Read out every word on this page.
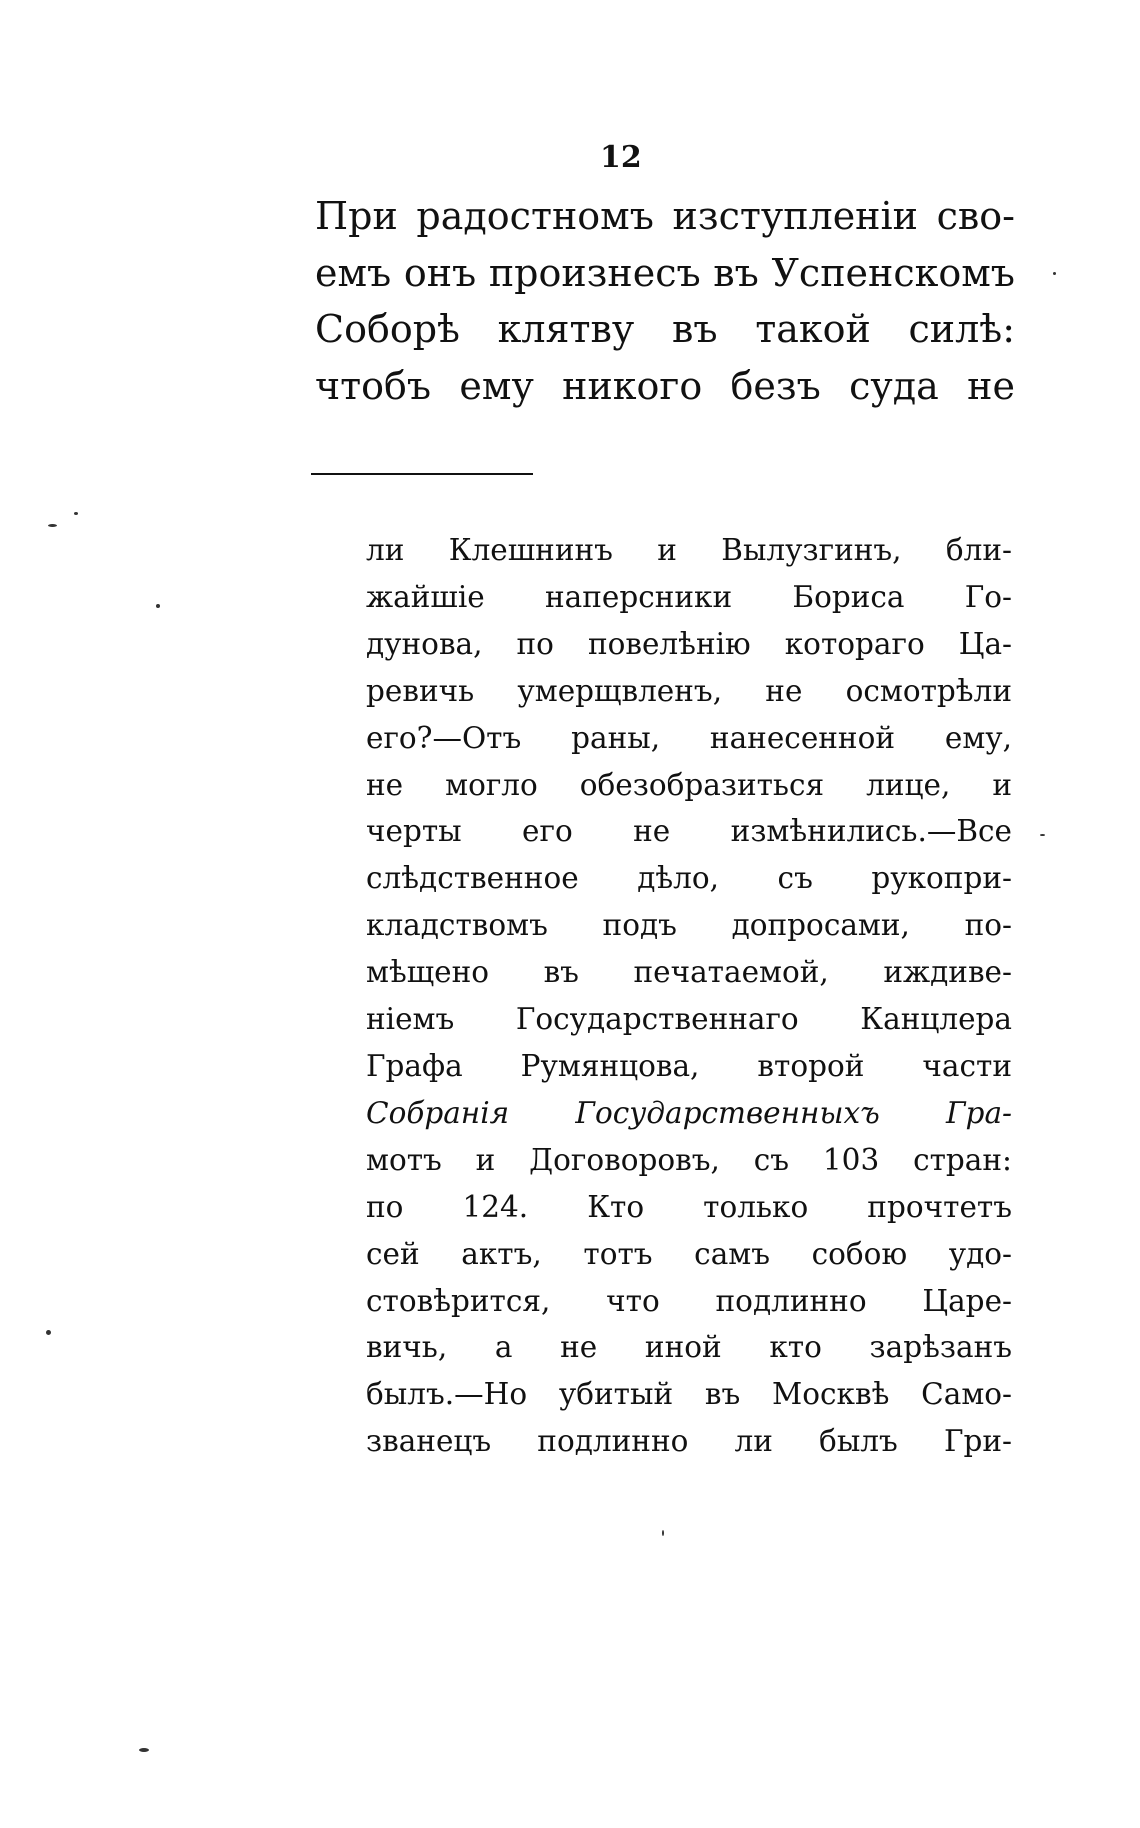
12
При радостномъ изступленіи сво-
емъ онъ произнесъ въ Успенскомъ
Соборѣ клятву въ такой силѣ:
чтобъ ему никого безъ суда не
ли Клешнинъ и Вылузгинъ, бли-
жайшіе наперсники Бориса Го-
дунова, по повелѣнію котораго Ца-
ревичь умерщвленъ, не осмотрѣли
его?—Отъ раны, нанесенной ему,
не могло обезобразиться лице, и
черты его не измѣнились.—Все
слѣдственное дѣло, съ рукопри-
кладствомъ подъ допросами, по-
мѣщено въ печатаемой, иждиве-
ніемъ Государственнаго Канцлера
Графа Румянцова, второй части
Собранія Государственныхъ Гра-
мотъ и Договоровъ, съ 103 стран:
по 124. Кто только прочтетъ
сей актъ, тотъ самъ собою удо-
стовѣрится, что подлинно Царе-
вичь, а не иной кто зарѣзанъ
былъ.—Но убитый въ Москвѣ Само-
званецъ подлинно ли былъ Гри-
